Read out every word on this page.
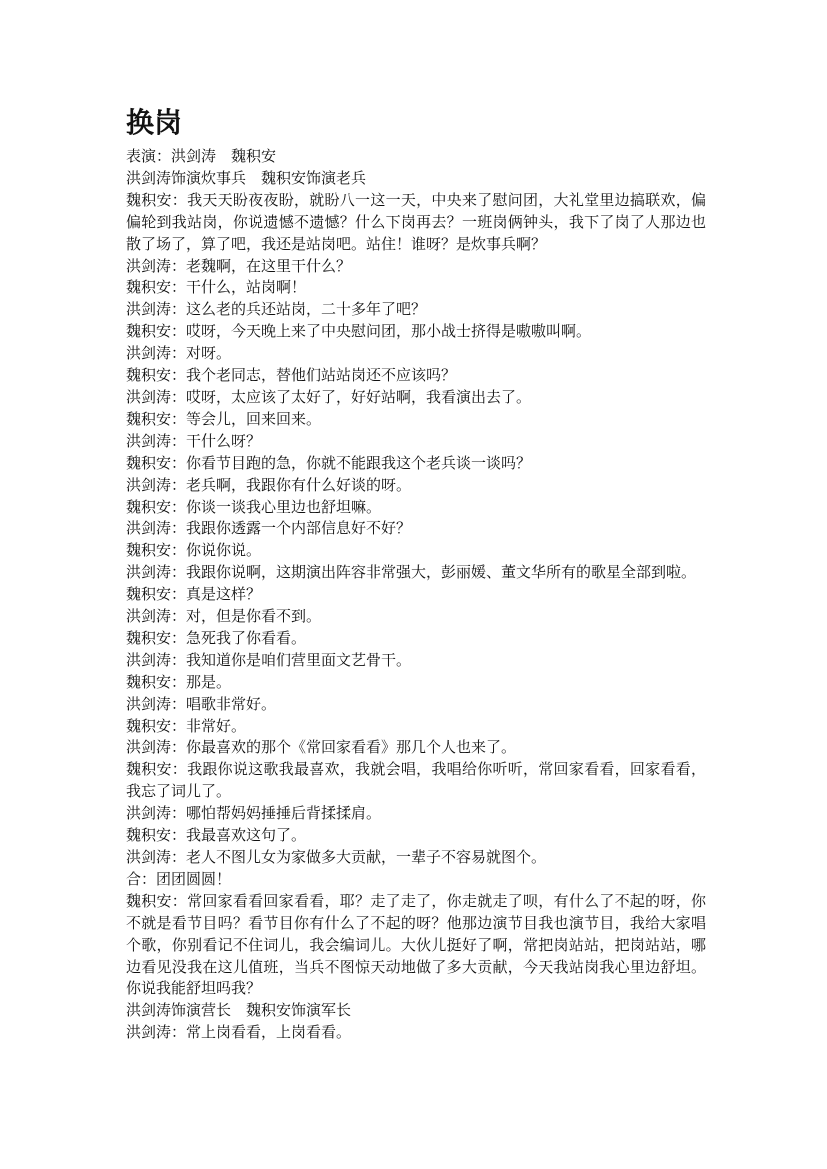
换岗

表演：洪剑涛　魏积安

洪剑涛饰演炊事兵　魏积安饰演老兵

魏积安：我天天盼夜夜盼，就盼八一这一天，中央来了慰问团，大礼堂里边搞联欢，偏偏轮到我站岗，你说遗憾不遗憾？什么下岗再去？一班岗俩钟头，我下了岗了人那边也散了场了，算了吧，我还是站岗吧。站住！谁呀？是炊事兵啊？

洪剑涛：老魏啊，在这里干什么？

魏积安：干什么，站岗啊！

洪剑涛：这么老的兵还站岗，二十多年了吧？

魏积安：哎呀，今天晚上来了中央慰问团，那小战士挤得是嗷嗷叫啊。

洪剑涛：对呀。

魏积安：我个老同志，替他们站站岗还不应该吗？

洪剑涛：哎呀，太应该了太好了，好好站啊，我看演出去了。

魏积安：等会儿，回来回来。

洪剑涛：干什么呀？

魏积安：你看节目跑的急，你就不能跟我这个老兵谈一谈吗？

洪剑涛：老兵啊，我跟你有什么好谈的呀。

魏积安：你谈一谈我心里边也舒坦嘛。

洪剑涛：我跟你透露一个内部信息好不好？

魏积安：你说你说。

洪剑涛：我跟你说啊，这期演出阵容非常强大，彭丽媛、董文华所有的歌星全部到啦。

魏积安：真是这样？

洪剑涛：对，但是你看不到。

魏积安：急死我了你看看。

洪剑涛：我知道你是咱们营里面文艺骨干。

魏积安：那是。

洪剑涛：唱歌非常好。

魏积安：非常好。

洪剑涛：你最喜欢的那个《常回家看看》那几个人也来了。

魏积安：我跟你说这歌我最喜欢，我就会唱，我唱给你听听，常回家看看，回家看看，我忘了词儿了。

洪剑涛：哪怕帮妈妈捶捶后背揉揉肩。

魏积安：我最喜欢这句了。

洪剑涛：老人不图儿女为家做多大贡献，一辈子不容易就图个。

合：团团圆圆！

魏积安：常回家看看回家看看，耶？走了走了，你走就走了呗，有什么了不起的呀，你不就是看节目吗？看节目你有什么了不起的呀？他那边演节目我也演节目，我给大家唱个歌，你别看记不住词儿，我会编词儿。大伙儿挺好了啊，常把岗站站，把岗站站，哪边看见没我在这儿值班，当兵不图惊天动地做了多大贡献，今天我站岗我心里边舒坦。你说我能舒坦吗我？

洪剑涛饰演营长　魏积安饰演军长

洪剑涛：常上岗看看，上岗看看。
